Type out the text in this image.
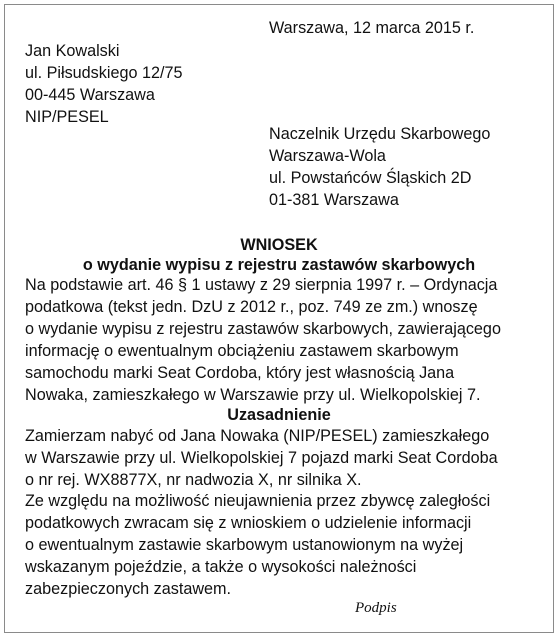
Warszawa, 12 marca 2015 r.

Jan Kowalski
ul. Piłsudskiego 12/75
00-445 Warszawa
NIP/PESEL
Naczelnik Urzędu Skarbowego
Warszawa-Wola
ul. Powstańców Śląskich 2D
01-381 Warszawa

WNIOSEK

o wydanie wypisu z rejestru zastawów skarbowych

Na podstawie art. 46 § 1 ustawy z 29 sierpnia 1997 r. – Ordynacja
podatkowa (tekst jedn. DzU z 2012 r., poz. 749 ze zm.) wnoszę
o wydanie wypisu z rejestru zastawów skarbowych, zawierającego
informację o ewentualnym obciążeniu zastawem skarbowym
samochodu marki Seat Cordoba, który jest własnością Jana
Nowaka, zamieszkałego w Warszawie przy ul. Wielkopolskiej 7.

Uzasadnienie

Zamierzam nabyć od Jana Nowaka (NIP/PESEL) zamieszkałego
w Warszawie przy ul. Wielkopolskiej 7 pojazd marki Seat Cordoba
o nr rej. WX8877X, nr nadwozia X, nr silnika X.
Ze względu na możliwość nieujawnienia przez zbywcę zaległości
podatkowych zwracam się z wnioskiem o udzielenie informacji
o ewentualnym zastawie skarbowym ustanowionym na wyżej
wskazanym pojeździe, a także o wysokości należności
zabezpieczonych zastawem.

Podpis
